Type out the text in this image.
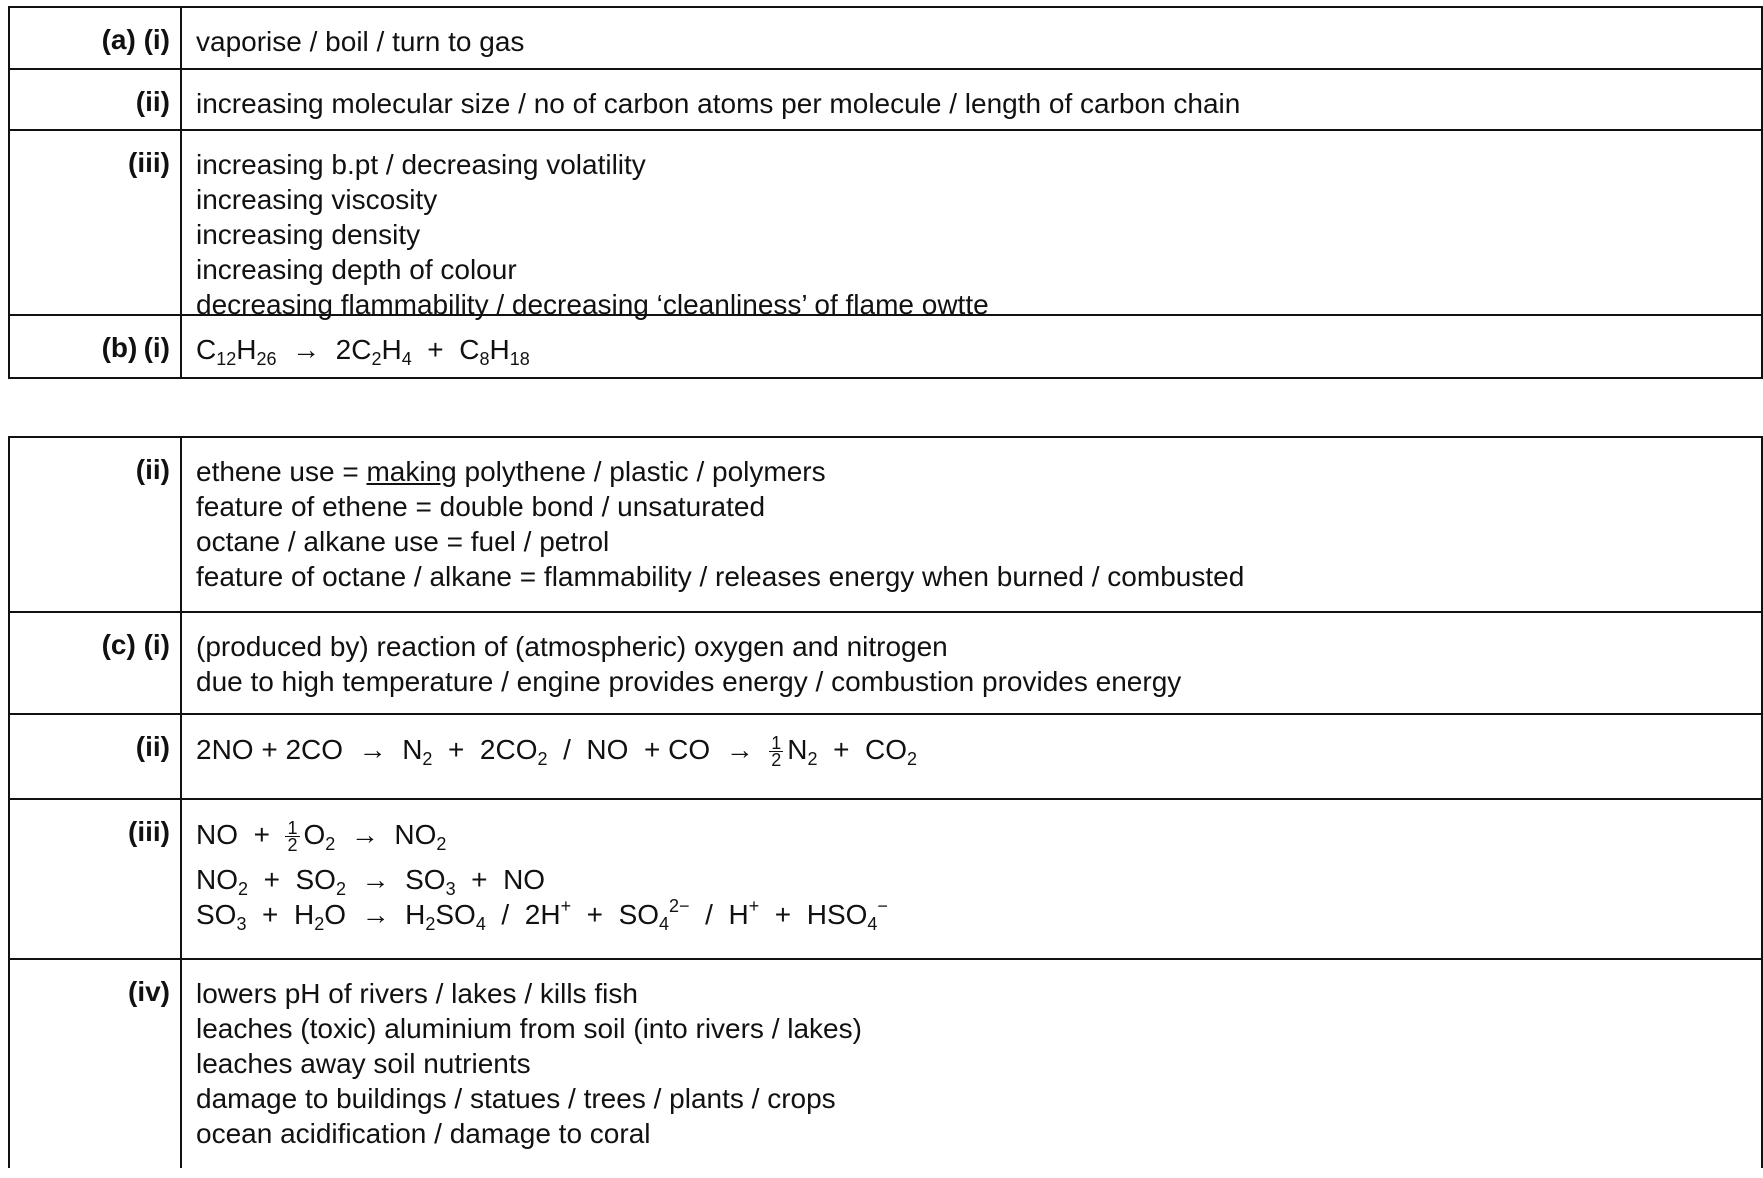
(a) (i) vaporise / boil / turn to gas
(ii) increasing molecular size / no of carbon atoms per molecule / length of carbon chain
(iii) increasing b.pt / decreasing volatility
increasing viscosity
increasing density
increasing depth of colour
decreasing flammability / decreasing ‘cleanliness’ of flame owtte
(b) (i) $C_{12}H_{26} \to 2C_2H_4 + C_8H_{18}$
(ii) ethene use = making polythene / plastic / polymers
feature of ethene = double bond / unsaturated
octane / alkane use = fuel / petrol
feature of octane / alkane = flammability / releases energy when burned / combusted
(c) (i) (produced by) reaction of (atmospheric) oxygen and nitrogen
due to high temperature / engine provides energy / combustion provides energy
(ii) $2NO + 2CO \to N_2 + 2CO_2$ / NO  + CO → $\frac{1}{2} N_2 + CO_2$
(iii) NO + $\frac{1}{2} O_2 \to NO_2$
$NO_2 + SO_2 \to SO_3$ + NO
$SO_3 + H_2O \to H_2SO_4 / 2H^+ + SO_4^{2-} / H^+ + HSO_4^-$
(iv) lowers pH of rivers / lakes / kills fish
leaches (toxic) aluminium from soil (into rivers / lakes)
leaches away soil nutrients
damage to buildings / statues / trees / plants / crops
ocean acidification / damage to coral
